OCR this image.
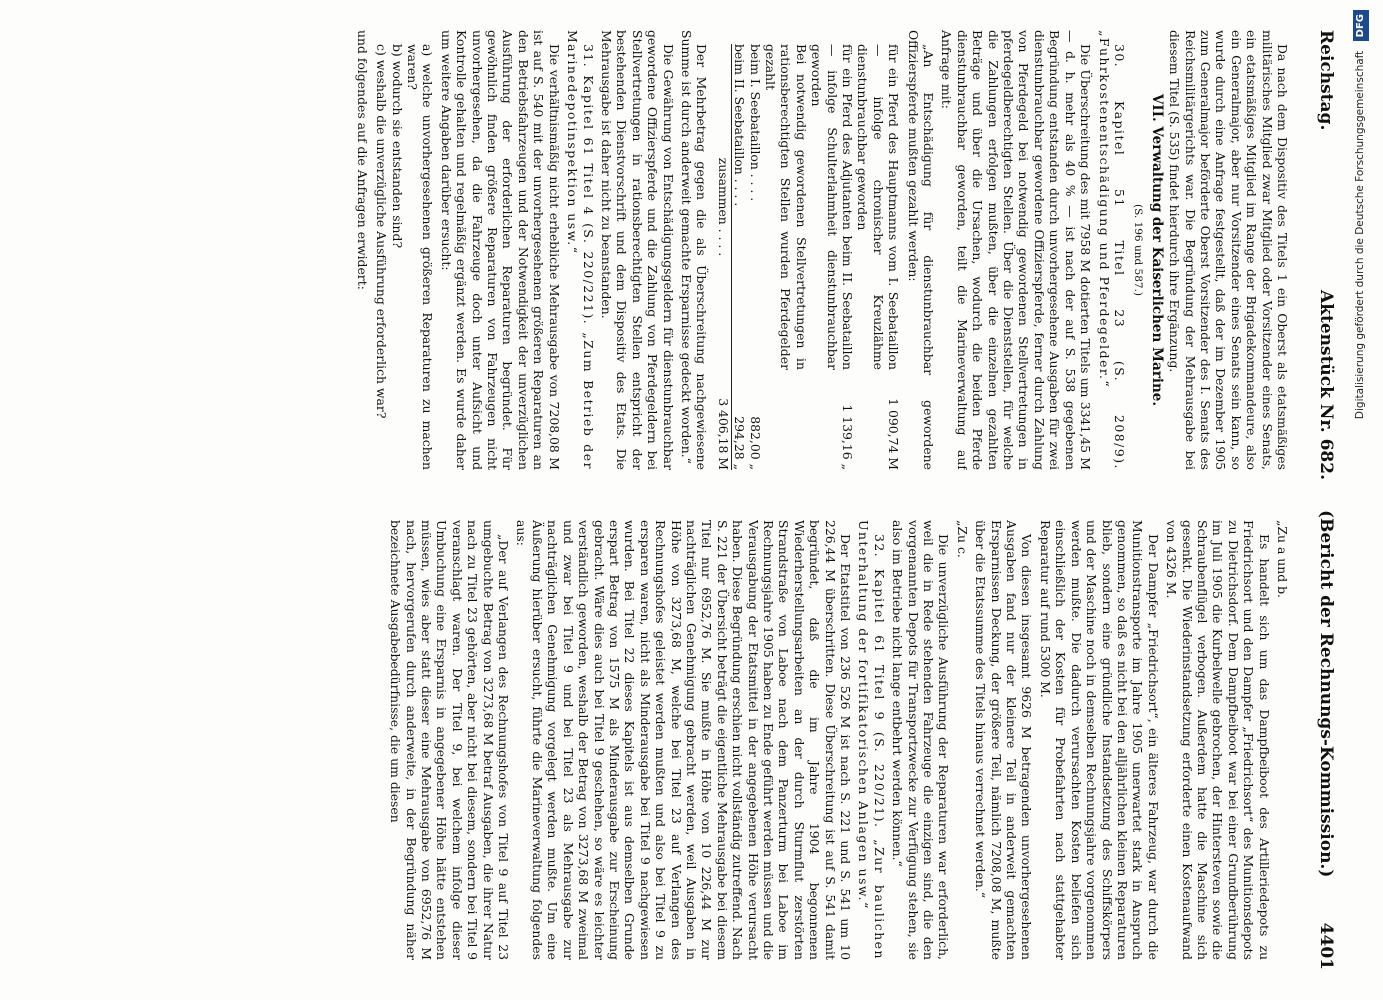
Reichstag.
Aktenstück Nr. 682.
(Bericht der Rechnungs-Kommission.)
4401

Da nach dem Dispositiv des Titels 1 ein Oberst als etatsmäßiges militärisches Mitglied zwar Mitglied oder Vorsitzender eines Senats, ein etatsmäßiges Mitglied im Range der Brigadekommandeure, also ein Generalmajor, aber nur Vorsitzender eines Senats sein kann, so wurde durch eine Anfrage festgestellt, daß der im Dezember 1905 zum Generalmajor beförderte Oberst Vorsitzender des I. Senats des Reichsmilitärgerichts war. Die Begründung der Mehrausgabe bei diesem Titel (S. 535) findet hierdurch ihre Ergänzung.

VII. Verwaltung der Kaiserlichen Marine.

(S. 196 und 587.)

30. Kapitel 51 Titel 23 (S. 208/9). „Fuhrkostenentschädigung und Pferdegelder.“

Die Überschreitung des mit 7958 M dotierten Titels um 3341,45 M — d. h. mehr als 40 % — ist nach der auf S. 538 gegebenen Begründung entstanden durch unvorhergesehene Ausgaben für zwei dienstunbrauchbar gewordene Offizierspferde, ferner durch Zahlung von Pferdegeld bei notwendig gewordenen Stellvertretungen in pferdegeldberechtigten Stellen. Über die Dienststellen, für welche die Zahlungen erfolgen mußten, über die einzelnen gezahlten Beträge und über die Ursachen, wodurch die beiden Pferde dienstunbrauchbar geworden, teilt die Marineverwaltung auf Anfrage mit:

„An Entschädigung für dienstunbrauchbar gewordene Offizierspferde mußten gezahlt werden:

für ein Pferd des Hauptmanns vom I. Seebataillon — infolge chronischer Kreuzlähme dienstunbrauchbar geworden
1 090,74 M
für ein Pferd des Adjutanten beim II. Seebataillon — infolge Schulterlahmheit dienstunbrauchbar geworden
1 139,16 „
Bei notwendig gewordenen Stellvertretungen in rationsberechtigten Stellen wurden Pferdegelder gezahlt
beim I. Seebataillon . . . .
882,00 „
beim II. Seebataillon . . . .
294,28 „
zusammen . . . .
3 406,18 M

Der Mehrbetrag gegen die als Überschreitung nachgewiesene Summe ist durch anderweit gemachte Ersparnisse gedeckt worden.“

Die Gewährung von Entschädigungsgeldern für dienstunbrauchbar gewordene Offizierspferde und die Zahlung von Pferdegeldern bei Stellvertretungen in rationsberechtigten Stellen entspricht der bestehenden Dienstvorschrift und dem Dispositiv des Etats. Die Mehrausgabe ist daher nicht zu beanstanden.

31. Kapitel 61 Titel 4 (S. 220/221). „Zum Betrieb der Marinedepotinspektion usw.“

Die verhältnismäßig nicht erhebliche Mehrausgabe von 7208,08 M ist auf S. 540 mit der unvorhergesehenen größeren Reparaturen an den Betriebsfahrzeugen und der Notwendigkeit der unverzüglichen Ausführung der erforderlichen Reparaturen begründet. Für gewöhnlich finden größere Reparaturen von Fahrzeugen nicht unvorhergesehen, da die Fahrzeuge doch unter Aufsicht und Kontrolle gehalten und regelmäßig ergänzt werden. Es wurde daher um weitere Angaben darüber ersucht:

a) welche unvorhergesehenen größeren Reparaturen zu machen waren?
b) wodurch sie entstanden sind?
c) weshalb die unverzügliche Ausführung erforderlich war?

und folgendes auf die Anfragen erwidert:

„Zu a und b.

Es handelt sich um das Dampfbeiboot des Artilleriedepots zu Friedrichsort und den Dampfer „Friedrichsort“ des Munitionsdepots zu Dietrichsdorf. Dem Dampfbeiboot war bei einer Grundberührung im Juli 1905 die Kurbelwelle gebrochen, der Hintersteven sowie die Schraubenflügel verbogen. Außerdem hatte die Maschine sich gesenkt. Die Wiederinstandsetzung erforderte einen Kostenaufwand von 4326 M.

Der Dampfer „Friedrichsort“, ein älteres Fahrzeug, war durch die Munitionstransporte im Jahre 1905 unerwartet stark in Anspruch genommen, so daß es nicht bei den alljährlichen kleinen Reparaturen blieb, sondern eine gründliche Instandsetzung des Schiffskörpers und der Maschine noch in demselben Rechnungsjahre vorgenommen werden mußte. Die dadurch verursachten Kosten beliefen sich einschließlich der Kosten für Probefahrten nach stattgehabter Reparatur auf rund 5300 M.

Von diesen insgesamt 9626 M betragenden unvorhergesehenen Ausgaben fand nur der kleinere Teil in anderweit gemachten Ersparnissen Deckung, der größere Teil, nämlich 7208,08 M, mußte über die Etatssumme des Titels hinaus verrechnet werden.“

„Zu c.

Die unverzügliche Ausführung der Reparaturen war erforderlich, weil die in Rede stehenden Fahrzeuge die einzigen sind, die den vorgenannten Depots für Transportzwecke zur Verfügung stehen, sie also im Betriebe nicht lange entbehrt werden können.“

32. Kapitel 61 Titel 9 (S. 220/21). „Zur baulichen Unterhaltung der fortifikatorischen Anlagen usw.“

Der Etatstitel von 236 526 M ist nach S. 221 und S. 541 um 10 226,44 M überschritten. Diese Überschreitung ist auf S. 541 damit begründet, daß die im Jahre 1904 begonnenen Wiederherstellungsarbeiten an der durch Sturmflut zerstörten Strandstraße von Laboe nach dem Panzerturm bei Laboe im Rechnungsjahre 1905 haben zu Ende geführt werden müssen und die Verausgabung der Etatsmittel in der angegebenen Höhe verursacht haben. Diese Begründung erschien nicht vollständig zutreffend. Nach S. 221 der Übersicht beträgt die eigentliche Mehrausgabe bei diesem Titel nur 6952,76 M. Sie mußte in Höhe von 10 226,44 M zur nachträglichen Genehmigung gebracht werden, weil Ausgaben in Höhe von 3273,68 M, welche bei Titel 23 auf Verlangen des Rechnungshofes geleistet werden mußten und also bei Titel 9 zu ersparen waren, nicht als Minderausgabe bei Titel 9 nachgewiesen wurden. Bei Titel 22 dieses Kapitels ist aus demselben Grunde erspart Betrag von 1575 M als Minderausgabe zur Erscheinung gebracht. Wäre dies auch bei Titel 9 geschehen, so wäre es leichter verständlich geworden, weshalb der Betrag von 3273,68 M zweimal und zwar bei Titel 9 und bei Titel 23 als Mehrausgabe zur nachträglichen Genehmigung vorgelegt werden mußte. Um eine Äußerung hierüber ersucht, führte die Marineverwaltung folgendes aus:

„Der auf Verlangen des Rechnungshofes von Titel 9 auf Titel 23 umgebuchte Betrag von 3273,68 M betraf Ausgaben, die ihrer Natur nach zu Titel 23 gehörten, aber nicht bei diesem, sondern bei Titel 9 veranschlagt waren. Der Titel 9, bei welchem infolge dieser Umbuchung eine Ersparnis in angegebener Höhe hätte entstehen müssen, wies aber statt dieser eine Mehrausgabe von 6952,76 M nach, hervorgerufen durch anderweite, in der Begründung näher bezeichnete Ausgabebedürfnisse, die um diesen

Digitalisierung gefördert durch die Deutsche Forschungsgemeinschaft DFG
